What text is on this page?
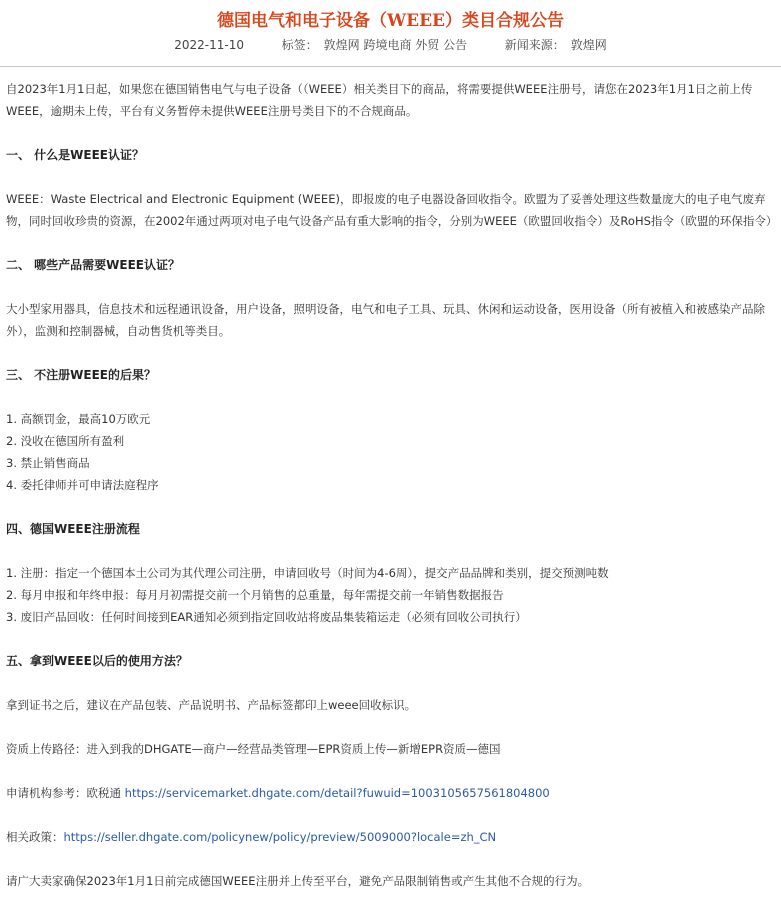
德国电气和电子设备（WEEE）类目合规公告
2022-11-10	标签： 敦煌网 跨境电商 外贸 公告	新闻来源： 敦煌网

自2023年1月1日起，如果您在德国销售电气与电子设备（（WEEE）相关类目下的商品，将需要提供WEEE注册号，请您在2023年1月1日之前上传WEEE，逾期未上传，平台有义务暂停未提供WEEE注册号类目下的不合规商品。

一、 什么是WEEE认证？

WEEE：Waste Electrical and Electronic Equipment (WEEE)，即报废的电子电器设备回收指令。欧盟为了妥善处理这些数量庞大的电子电气废弃物，同时回收珍贵的资源，在2002年通过两项对电子电气设备产品有重大影响的指令，分别为WEEE（欧盟回收指令）及RoHS指令（欧盟的环保指令）

二、 哪些产品需要WEEE认证？

大小型家用器具，信息技术和远程通讯设备，用户设备，照明设备，电气和电子工具、玩具、休闲和运动设备，医用设备（所有被植入和被感染产品除外），监测和控制器械，自动售货机等类目。

三、 不注册WEEE的后果？

1. 高额罚金，最高10万欧元
2. 没收在德国所有盈利
3. 禁止销售商品
4. 委托律师并可申请法庭程序

四、德国WEEE注册流程

1. 注册：指定一个德国本土公司为其代理公司注册，申请回收号（时间为4-6周），提交产品品牌和类别，提交预测吨数
2. 每月申报和年终申报：每月月初需提交前一个月销售的总重量，每年需提交前一年销售数据报告
3. 废旧产品回收：任何时间接到EAR通知必须到指定回收站将废品集装箱运走（必须有回收公司执行）

五、拿到WEEE以后的使用方法？

拿到证书之后，建议在产品包装、产品说明书、产品标签都印上weee回收标识。

资质上传路径：进入到我的DHGATE—商户—经营品类管理—EPR资质上传—新增EPR资质—德国

申请机构参考：欧税通 https://servicemarket.dhgate.com/detail?fuwuid=1003105657561804800

相关政策：https://seller.dhgate.com/policynew/policy/preview/5009000?locale=zh_CN

请广大卖家确保2023年1月1日前完成德国WEEE注册并上传至平台，避免产品限制销售或产生其他不合规的行为。
